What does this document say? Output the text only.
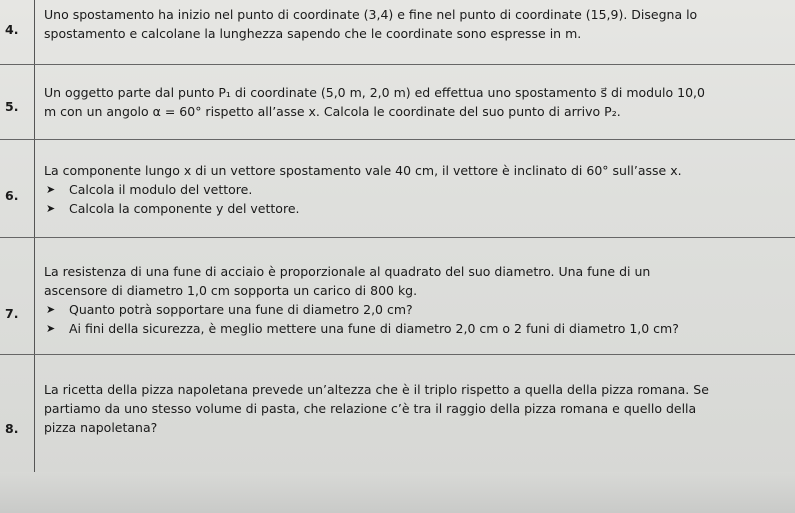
4.
Uno spostamento ha inizio nel punto di coordinate (3,4) e fine nel punto di coordinate (15,9). Disegna lo
spostamento e calcolane la lunghezza sapendo che le coordinate sono espresse in m.
5.
Un oggetto parte dal punto P₁ di coordinate (5,0 m, 2,0 m) ed effettua uno spostamento s⃗ di modulo 10,0
m con un angolo α = 60° rispetto all’asse x. Calcola le coordinate del suo punto di arrivo P₂.
6.
La componente lungo x di un vettore spostamento vale 40 cm, il vettore è inclinato di 60° sull’asse x.
➤ Calcola il modulo del vettore.
➤ Calcola la componente y del vettore.
7.
La resistenza di una fune di acciaio è proporzionale al quadrato del suo diametro. Una fune di un
ascensore di diametro 1,0 cm sopporta un carico di 800 kg.
➤ Quanto potrà sopportare una fune di diametro 2,0 cm?
➤ Ai fini della sicurezza, è meglio mettere una fune di diametro 2,0 cm o 2 funi di diametro 1,0 cm?
8.
La ricetta della pizza napoletana prevede un’altezza che è il triplo rispetto a quella della pizza romana. Se
partiamo da uno stesso volume di pasta, che relazione c’è tra il raggio della pizza romana e quello della
pizza napoletana?
